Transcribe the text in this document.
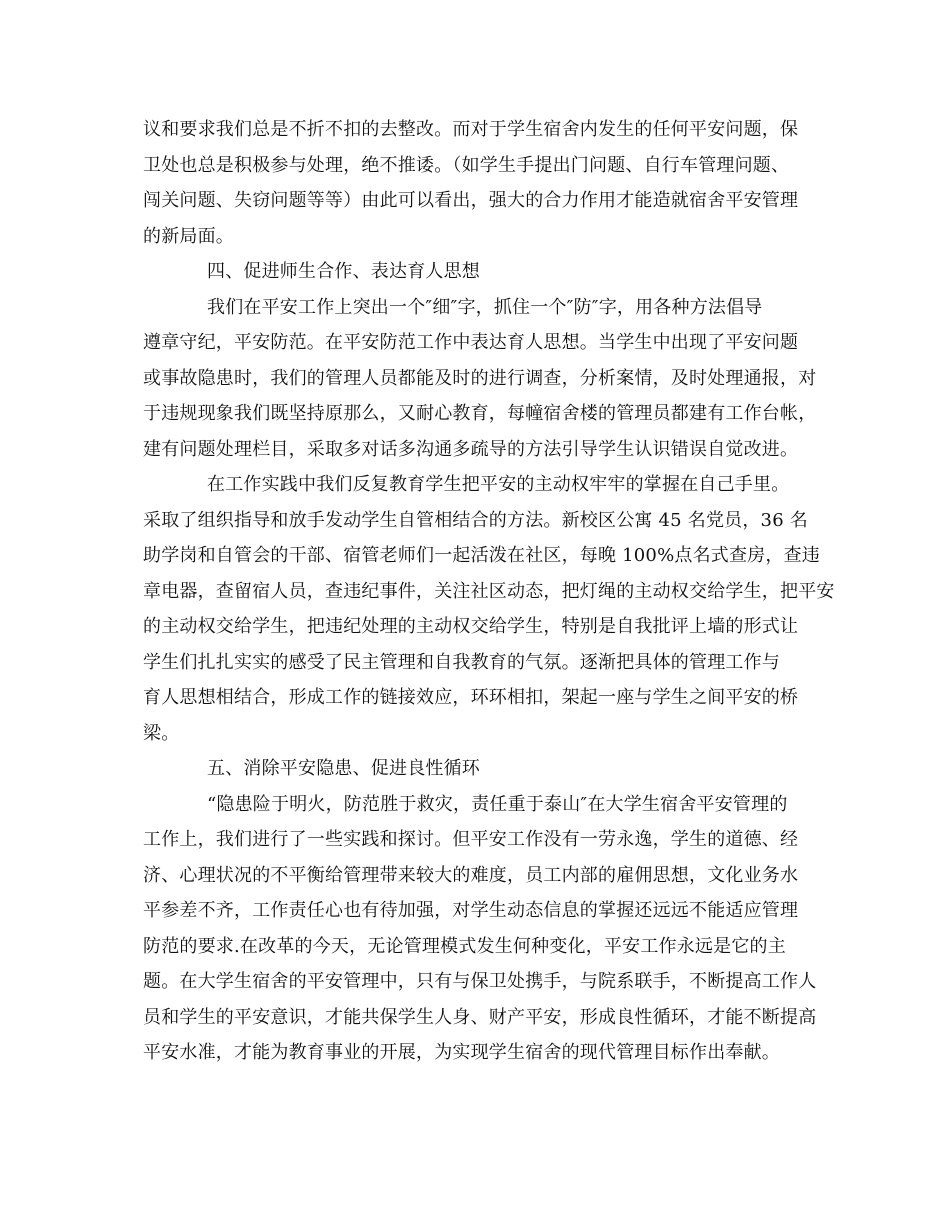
议和要求我们总是不折不扣的去整改。而对于学生宿舍内发生的任何平安问题，保
卫处也总是积极参与处理，绝不推诿。（如学生手提出门问题、自行车管理问题、
闯关问题、失窃问题等等）由此可以看出，强大的合力作用才能造就宿舍平安管理
的新局面。
四、促进师生合作、表达育人思想
我们在平安工作上突出一个″细″字，抓住一个″防″字，用各种方法倡导
遵章守纪，平安防范。在平安防范工作中表达育人思想。当学生中出现了平安问题
或事故隐患时，我们的管理人员都能及时的进行调查，分析案情，及时处理通报，对
于违规现象我们既坚持原那么，又耐心教育，每幢宿舍楼的管理员都建有工作台帐，
建有问题处理栏目，采取多对话多沟通多疏导的方法引导学生认识错误自觉改进。
在工作实践中我们反复教育学生把平安的主动权牢牢的掌握在自己手里。
采取了组织指导和放手发动学生自管相结合的方法。新校区公寓 45 名党员，36 名
助学岗和自管会的干部、宿管老师们一起活泼在社区，每晚 100%点名式查房，查违
章电器，查留宿人员，查违纪事件，关注社区动态，把灯绳的主动权交给学生，把平安
的主动权交给学生，把违纪处理的主动权交给学生，特别是自我批评上墙的形式让
学生们扎扎实实的感受了民主管理和自我教育的气氛。逐渐把具体的管理工作与
育人思想相结合，形成工作的链接效应，环环相扣，架起一座与学生之间平安的桥
梁。
五、消除平安隐患、促进良性循环
“隐患险于明火，防范胜于救灾，责任重于泰山″在大学生宿舍平安管理的
工作上，我们进行了一些实践和探讨。但平安工作没有一劳永逸，学生的道德、经
济、心理状况的不平衡给管理带来较大的难度，员工内部的雇佣思想，文化业务水
平参差不齐，工作责任心也有待加强，对学生动态信息的掌握还远远不能适应管理
防范的要求.在改革的今天，无论管理模式发生何种变化，平安工作永远是它的主
题。在大学生宿舍的平安管理中，只有与保卫处携手，与院系联手，不断提高工作人
员和学生的平安意识，才能共保学生人身、财产平安，形成良性循环，才能不断提高
平安水准，才能为教育事业的开展，为实现学生宿舍的现代管理目标作出奉献。
